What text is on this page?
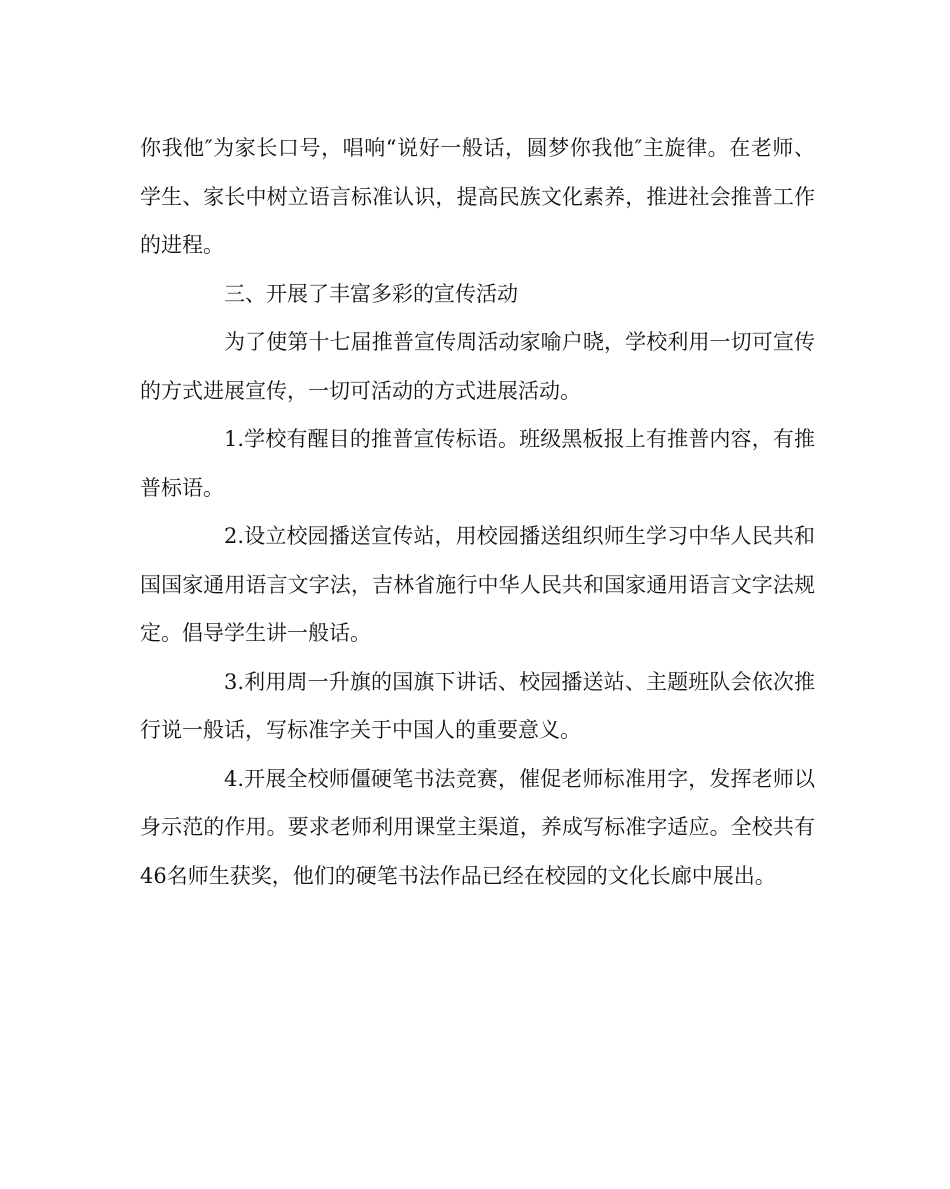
你我他″为家长口号，唱响“说好一般话，圆梦你我他″主旋律。在老师、学生、家长中树立语言标准认识，提高民族文化素养，推进社会推普工作的进程。

三、开展了丰富多彩的宣传活动

为了使第十七届推普宣传周活动家喻户晓，学校利用一切可宣传的方式进展宣传，一切可活动的方式进展活动。

1.学校有醒目的推普宣传标语。班级黑板报上有推普内容，有推普标语。

2.设立校园播送宣传站，用校园播送组织师生学习中华人民共和国国家通用语言文字法，吉林省施行中华人民共和国家通用语言文字法规定。倡导学生讲一般话。

3.利用周一升旗的国旗下讲话、校园播送站、主题班队会依次推行说一般话，写标准字关于中国人的重要意义。

4.开展全校师僵硬笔书法竞赛，催促老师标准用字，发挥老师以身示范的作用。要求老师利用课堂主渠道，养成写标准字适应。全校共有46名师生获奖，他们的硬笔书法作品已经在校园的文化长廊中展出。
